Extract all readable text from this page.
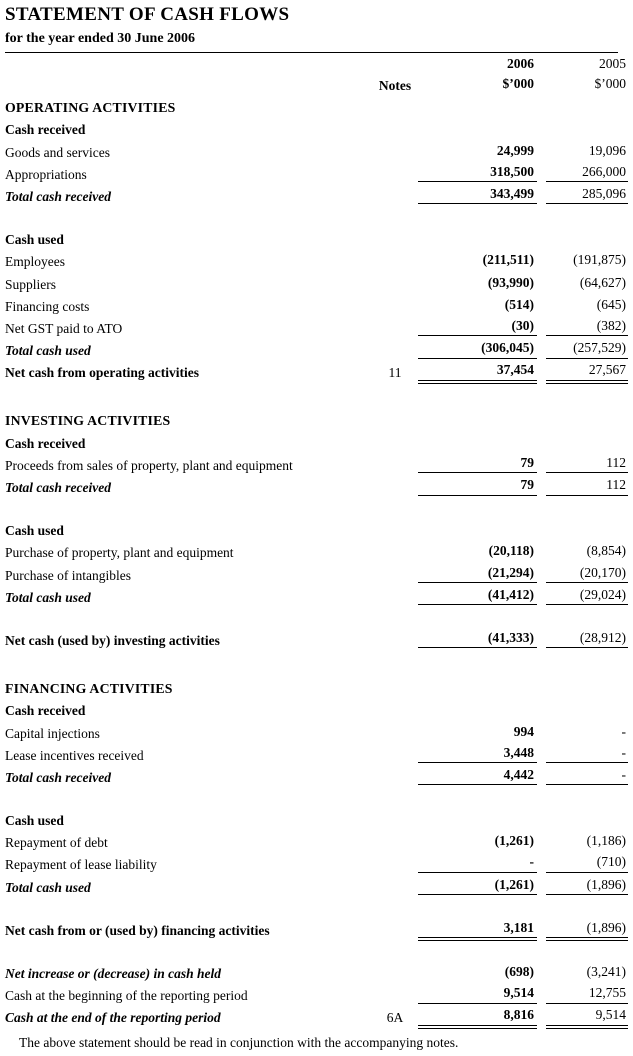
STATEMENT OF CASH FLOWS
for the year ended 30 June 2006
2006	2005
Notes	$’000	$’000
OPERATING ACTIVITIES
Cash received
Goods and services	24,999	19,096
Appropriations	318,500	266,000
Total cash received	343,499	285,096
Cash used
Employees	(211,511)	(191,875)
Suppliers	(93,990)	(64,627)
Financing costs	(514)	(645)
Net GST paid to ATO	(30)	(382)
Total cash used	(306,045)	(257,529)
Net cash from operating activities	11	37,454	27,567
INVESTING ACTIVITIES
Cash received
Proceeds from sales of property, plant and equipment	79	112
Total cash received	79	112
Cash used
Purchase of property, plant and equipment	(20,118)	(8,854)
Purchase of intangibles	(21,294)	(20,170)
Total cash used	(41,412)	(29,024)
Net cash (used by) investing activities	(41,333)	(28,912)
FINANCING ACTIVITIES
Cash received
Capital injections	994	-
Lease incentives received	3,448	-
Total cash received	4,442	-
Cash used
Repayment of debt	(1,261)	(1,186)
Repayment of lease liability	-	(710)
Total cash used	(1,261)	(1,896)
Net cash from or (used by) financing activities	3,181	(1,896)
Net increase or (decrease) in cash held	(698)	(3,241)
Cash at the beginning of the reporting period	9,514	12,755
Cash at the end of the reporting period	6A	8,816	9,514
The above statement should be read in conjunction with the accompanying notes.
